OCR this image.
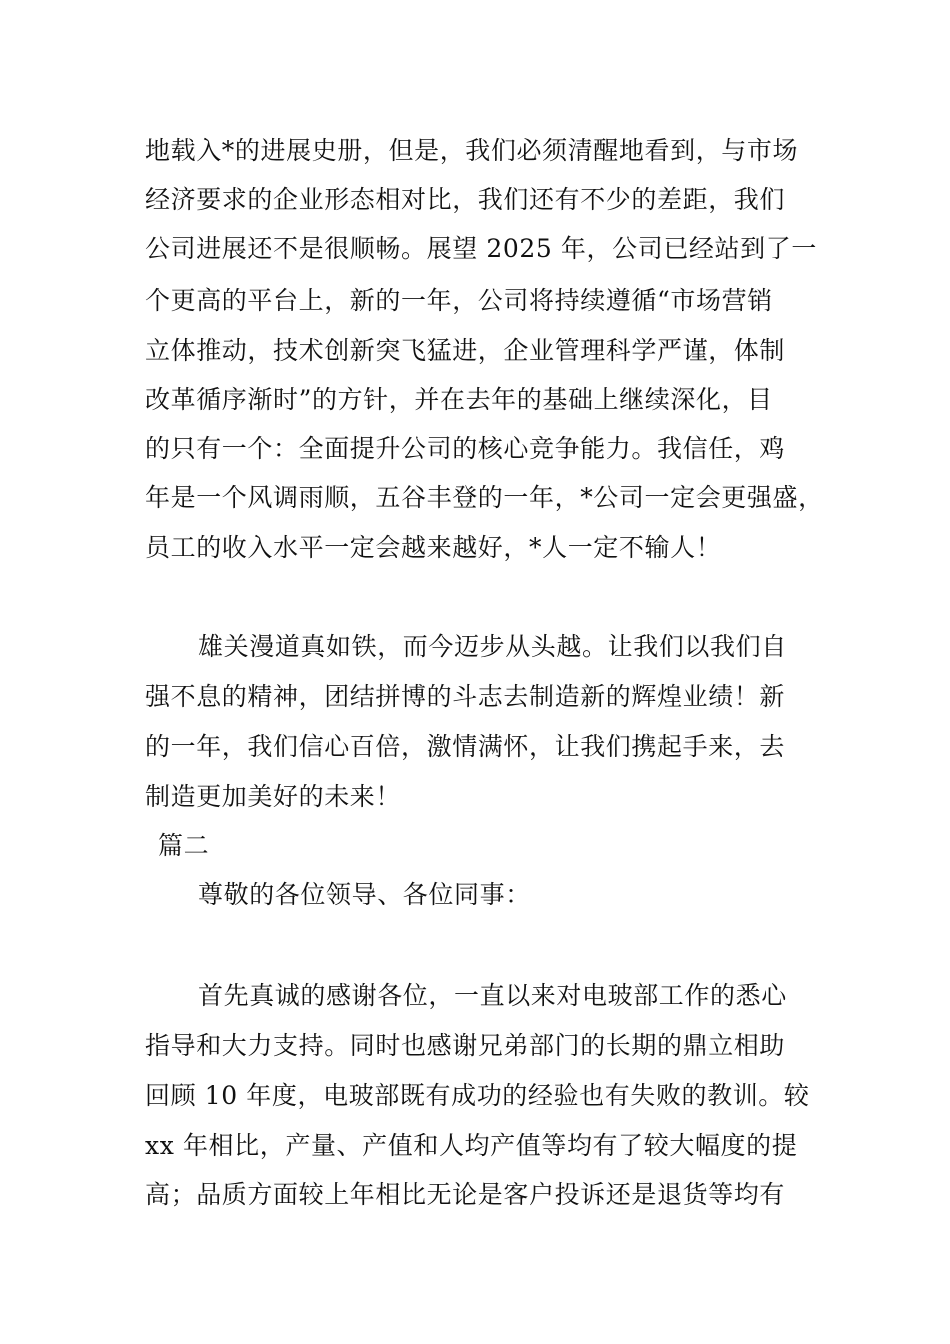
地载入*的进展史册，但是，我们必须清醒地看到，与市场
经济要求的企业形态相对比，我们还有不少的差距，我们
公司进展还不是很顺畅。展望 2025 年，公司已经站到了一
个更高的平台上，新的一年，公司将持续遵循“市场营销
立体推动，技术创新突飞猛进，企业管理科学严谨，体制
改革循序渐时”的方针，并在去年的基础上继续深化，目
的只有一个：全面提升公司的核心竞争能力。我信任，鸡
年是一个风调雨顺，五谷丰登的一年，*公司一定会更强盛，
员工的收入水平一定会越来越好，*人一定不输人！
雄关漫道真如铁，而今迈步从头越。让我们以我们自
强不息的精神，团结拼博的斗志去制造新的辉煌业绩！新
的一年，我们信心百倍，激情满怀，让我们携起手来，去
制造更加美好的未来！
篇二
尊敬的各位领导、各位同事：
首先真诚的感谢各位，一直以来对电玻部工作的悉心
指导和大力支持。同时也感谢兄弟部门的长期的鼎立相助
回顾 10 年度，电玻部既有成功的经验也有失败的教训。较
xx 年相比，产量、产值和人均产值等均有了较大幅度的提
高；品质方面较上年相比无论是客户投诉还是退货等均有
